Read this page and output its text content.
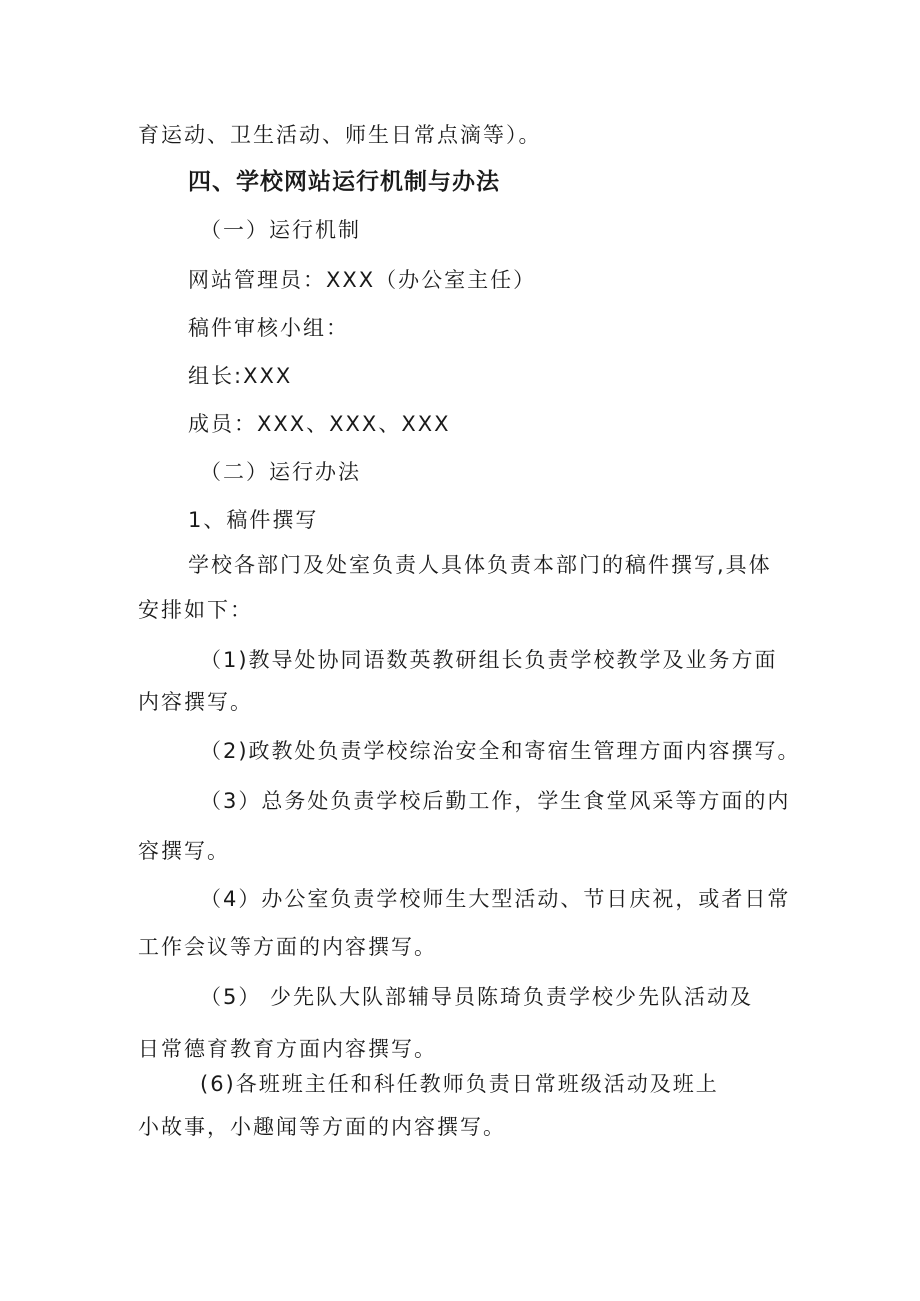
育运动、卫生活动、师生日常点滴等）。
四、学校网站运行机制与办法
（一）运行机制
网站管理员：XXX（办公室主任）
稿件审核小组：
组长:XXX
成员：XXX、XXX、XXX
（二）运行办法
1、稿件撰写
学校各部门及处室负责人具体负责本部门的稿件撰写,具体
安排如下：
（1)教导处协同语数英教研组长负责学校教学及业务方面
内容撰写。
（2)政教处负责学校综治安全和寄宿生管理方面内容撰写。
（3）总务处负责学校后勤工作，学生食堂风采等方面的内
容撰写。
（4）办公室负责学校师生大型活动、节日庆祝，或者日常
工作会议等方面的内容撰写。
（5） 少先队大队部辅导员陈琦负责学校少先队活动及
日常德育教育方面内容撰写。
(6)各班班主任和科任教师负责日常班级活动及班上
小故事，小趣闻等方面的内容撰写。
